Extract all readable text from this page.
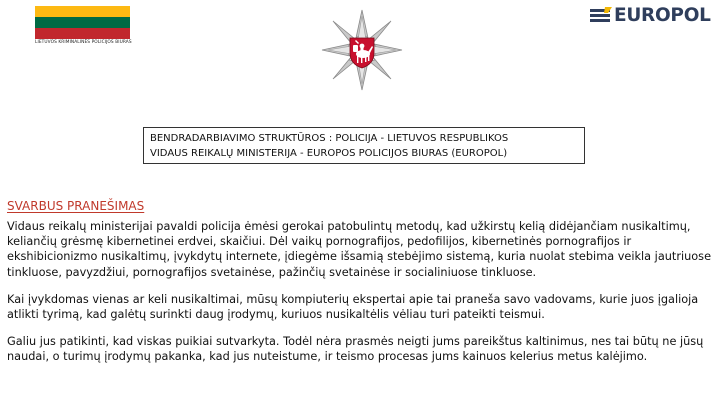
LIETUVOS KRIMINALINĖS POLICIJOS BIURAS
EUROPOL
BENDRADARBIAVIMO STRUKTŪROS : POLICIJA - LIETUVOS RESPUBLIKOS
VIDAUS REIKALŲ MINISTERIJA - EUROPOS POLICIJOS BIURAS (EUROPOL)
SVARBUS PRANEŠIMAS

Vidaus reikalų ministerijai pavaldi policija ėmėsi gerokai patobulintų metodų, kad užkirstų kelią didėjančiam nusikaltimų, keliančių grėsmę kibernetinei erdvei, skaičiui. Dėl vaikų pornografijos, pedofilijos, kibernetinės pornografijos ir ekshibicionizmo nusikaltimų, įvykdytų internete, įdiegėme išsamią stebėjimo sistemą, kuria nuolat stebima veikla jautriuose tinkluose, pavyzdžiui, pornografijos svetainėse, pažinčių svetainėse ir socialiniuose tinkluose.

Kai įvykdomas vienas ar keli nusikaltimai, mūsų kompiuterių ekspertai apie tai praneša savo vadovams, kurie juos įgalioja atlikti tyrimą, kad galėtų surinkti daug įrodymų, kuriuos nusikaltėlis vėliau turi pateikti teismui.

Galiu jus patikinti, kad viskas puikiai sutvarkyta. Todėl nėra prasmės neigti jums pareikštus kaltinimus, nes tai būtų ne jūsų naudai, o turimų įrodymų pakanka, kad jus nuteistume, ir teismo procesas jums kainuos kelerius metus kalėjimo.
